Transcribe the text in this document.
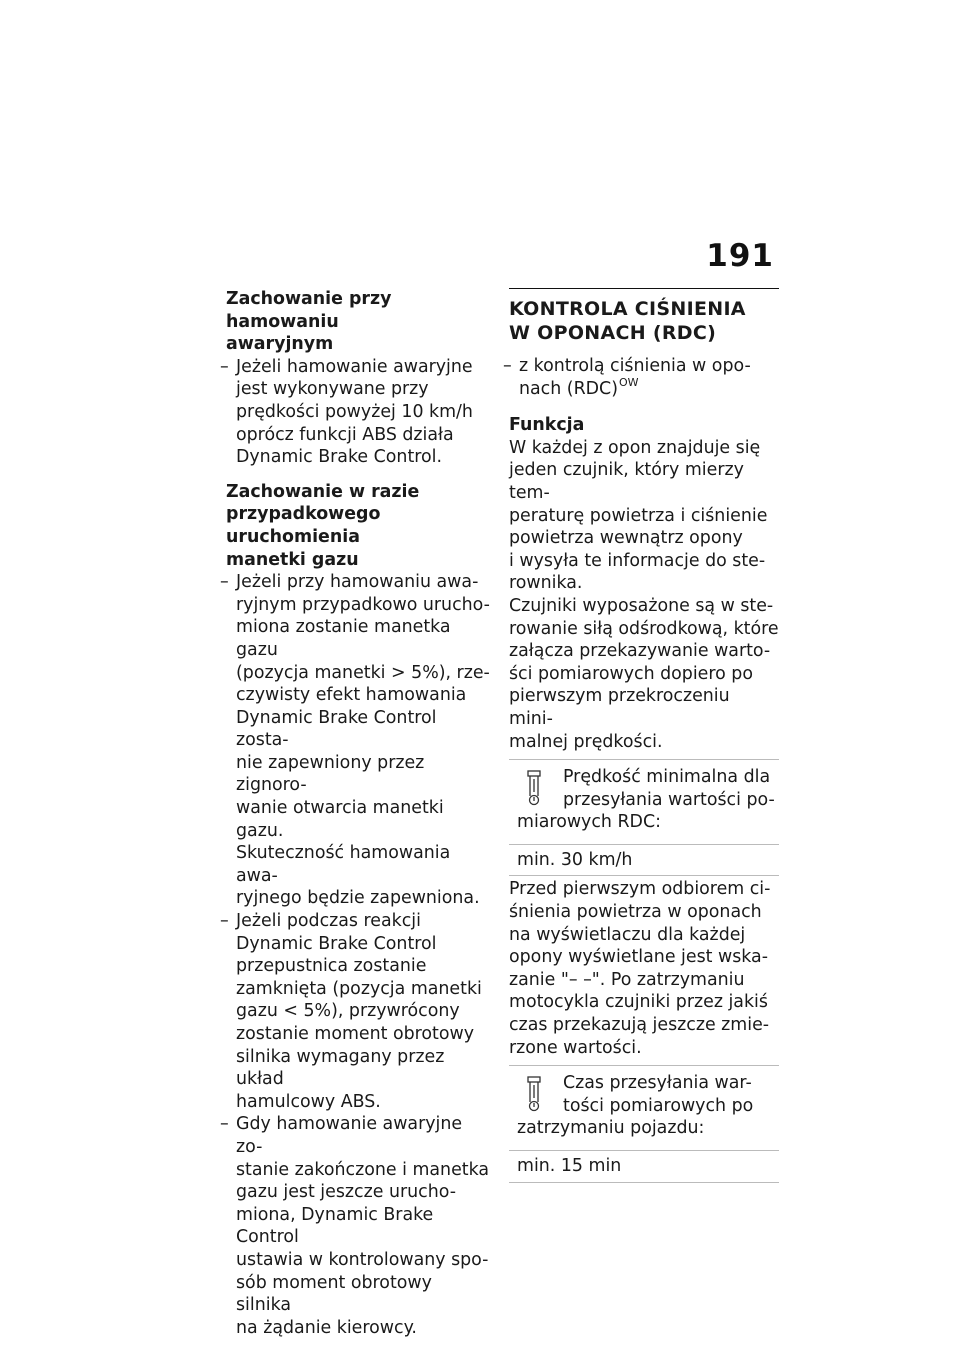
191
Zachowanie przy hamowaniu
awaryjnym
– Jeżeli hamowanie awaryjne
jest wykonywane przy
prędkości powyżej 10 km/h
oprócz funkcji ABS działa
Dynamic Brake Control.
Zachowanie w razie
przypadkowego uruchomienia
manetki gazu
– Jeżeli przy hamowaniu awa-
ryjnym przypadkowo urucho-
miona zostanie manetka gazu
(pozycja manetki > 5%), rze-
czywisty efekt hamowania
Dynamic Brake Control zosta-
nie zapewniony przez zignoro-
wanie otwarcia manetki gazu.
Skuteczność hamowania awa-
ryjnego będzie zapewniona.
– Jeżeli podczas reakcji
Dynamic Brake Control
przepustnica zostanie
zamknięta (pozycja manetki
gazu < 5%), przywrócony
zostanie moment obrotowy
silnika wymagany przez układ
hamulcowy ABS.
– Gdy hamowanie awaryjne zo-
stanie zakończone i manetka
gazu jest jeszcze urucho-
miona, Dynamic Brake Control
ustawia w kontrolowany spo-
sób moment obrotowy silnika
na żądanie kierowcy.
KONTROLA CIŚNIENIA
W OPONACH (RDC)
– z kontrolą ciśnienia w opo-
nach (RDC)$^{OW}$
Funkcja
W każdej z opon znajduje się
jeden czujnik, który mierzy tem-
peraturę powietrza i ciśnienie
powietrza wewnątrz opony
i wysyła te informacje do ste-
rownika.
Czujniki wyposażone są w ste-
rowanie siłą odśrodkową, które
załącza przekazywanie warto-
ści pomiarowych dopiero po
pierwszym przekroczeniu mini-
malnej prędkości.
Prędkość minimalna dla
przesyłania wartości po-
miarowych RDC:
min. 30 km/h
Przed pierwszym odbiorem ci-
śnienia powietrza w oponach
na wyświetlaczu dla każdej
opony wyświetlane jest wska-
zanie "– –". Po zatrzymaniu
motocykla czujniki przez jakiś
czas przekazują jeszcze zmie-
rzone wartości.
Czas przesyłania war-
tości pomiarowych po
zatrzymaniu pojazdu:
min. 15 min
